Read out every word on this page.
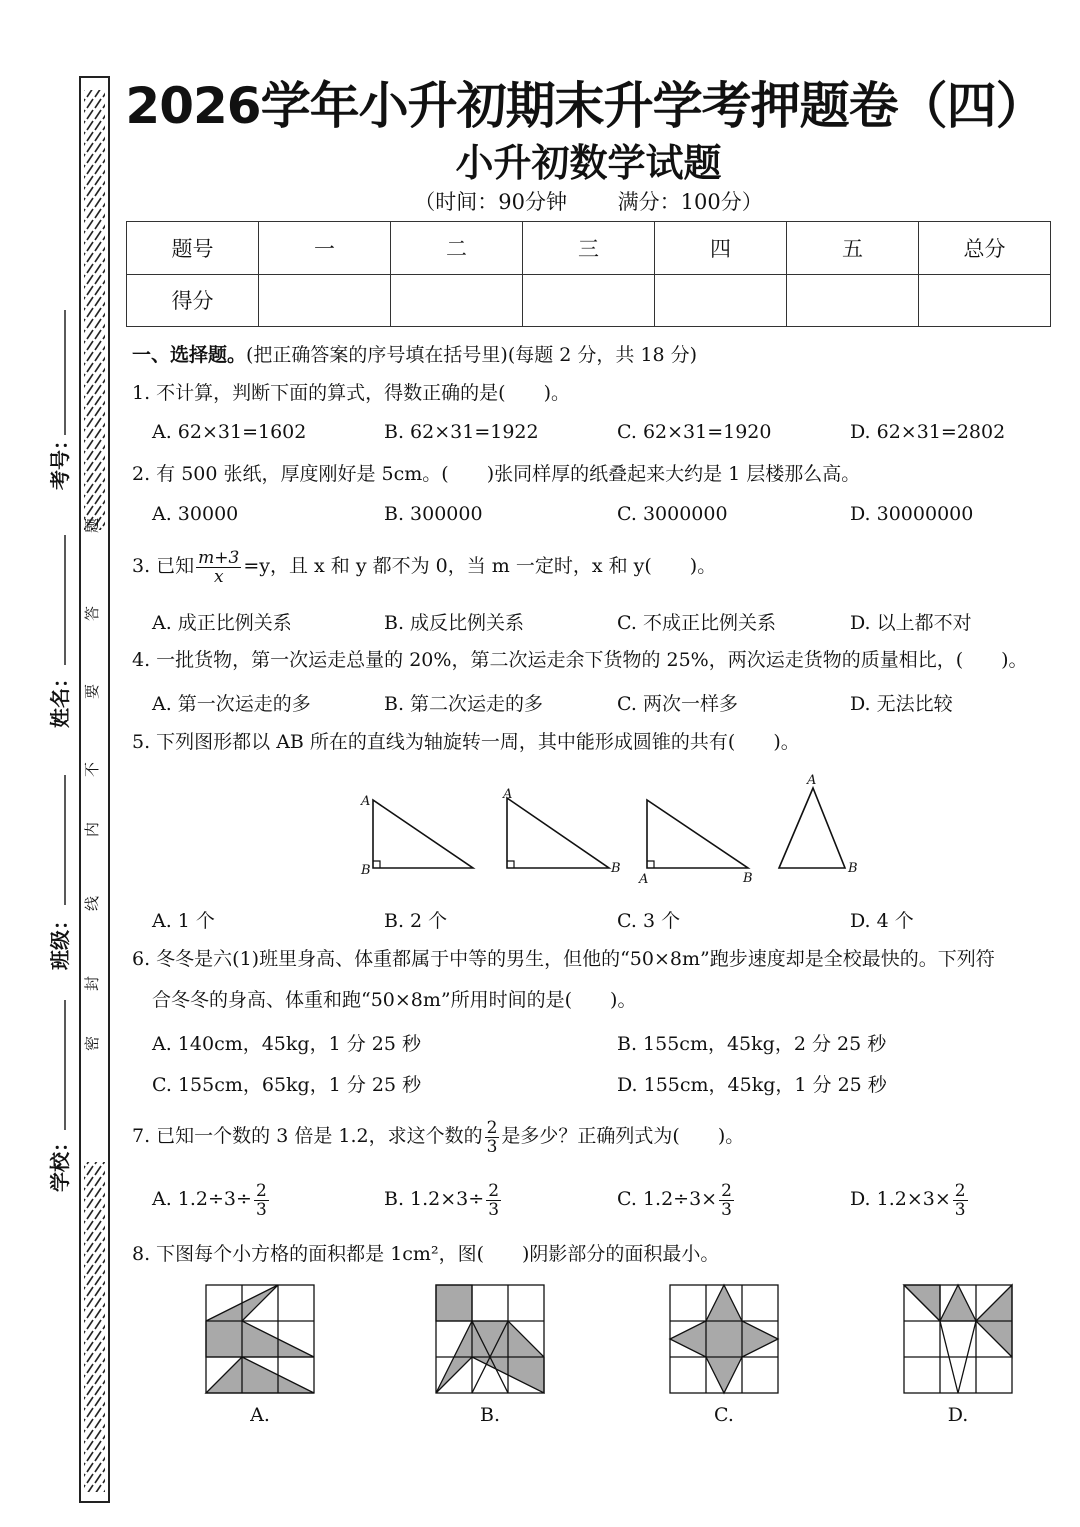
题
答
要
不
内
线
封
密
考号：
姓名：
班级：
学校：
2026学年小升初期末升学考押题卷（四）
小升初数学试题
（时间：90分钟 满分：100分）
题号	一	二	三	四	五	总分
得分						
一、选择题。(把正确答案的序号填在括号里)(每题 2 分，共 18 分)
1. 不计算，判断下面的算式，得数正确的是(　　)。
A. 62×31=1602	B. 62×31=1922	C. 62×31=1920	D. 62×31=2802
2. 有 500 张纸，厚度刚好是 5cm。(　　)张同样厚的纸叠起来大约是 1 层楼那么高。
A. 30000	B. 300000	C. 3000000	D. 30000000
3. 已知 $\frac{m+3}{x} =y$，且 x 和 y 都不为 0，当 m 一定时，x 和 y(　　)。
A. 成正比例关系	B. 成反比例关系	C. 不成正比例关系	D. 以上都不对
4. 一批货物，第一次运走总量的 20%，第二次运走余下货物的 25%，两次运走货物的质量相比，(　　)。
A. 第一次运走的多	B. 第二次运走的多	C. 两次一样多	D. 无法比较
5. 下列图形都以 AB 所在的直线为轴旋转一周，其中能形成圆锥的共有(　　)。
A
B
A
B
A	B
A
B
A. 1 个	B. 2 个	C. 3 个	D. 4 个
6. 冬冬是六(1)班里身高、体重都属于中等的男生，但他的“50×8m”跑步速度却是全校最快的。下列符
合冬冬的身高、体重和跑“50×8m”所用时间的是(　　)。
A. 140cm，45kg，1 分 25 秒	B. 155cm，45kg，2 分 25 秒
C. 155cm，65kg，1 分 25 秒	D. 155cm，45kg，1 分 25 秒
7. 已知一个数的 3 倍是 1.2，求这个数的 $\frac{2}{3}$ 是多少？正确列式为(　　)。
A. $1.2\div 3\div \frac{2}{3}$	B. $1.2\times 3\div \frac{2}{3}$	C. $1.2\div 3\times \frac{2}{3}$	D. $1.2\times 3\times \frac{2}{3}$
8. 下图每个小方格的面积都是 1cm²，图(　　)阴影部分的面积最小。
A.	B.	C.	D.
